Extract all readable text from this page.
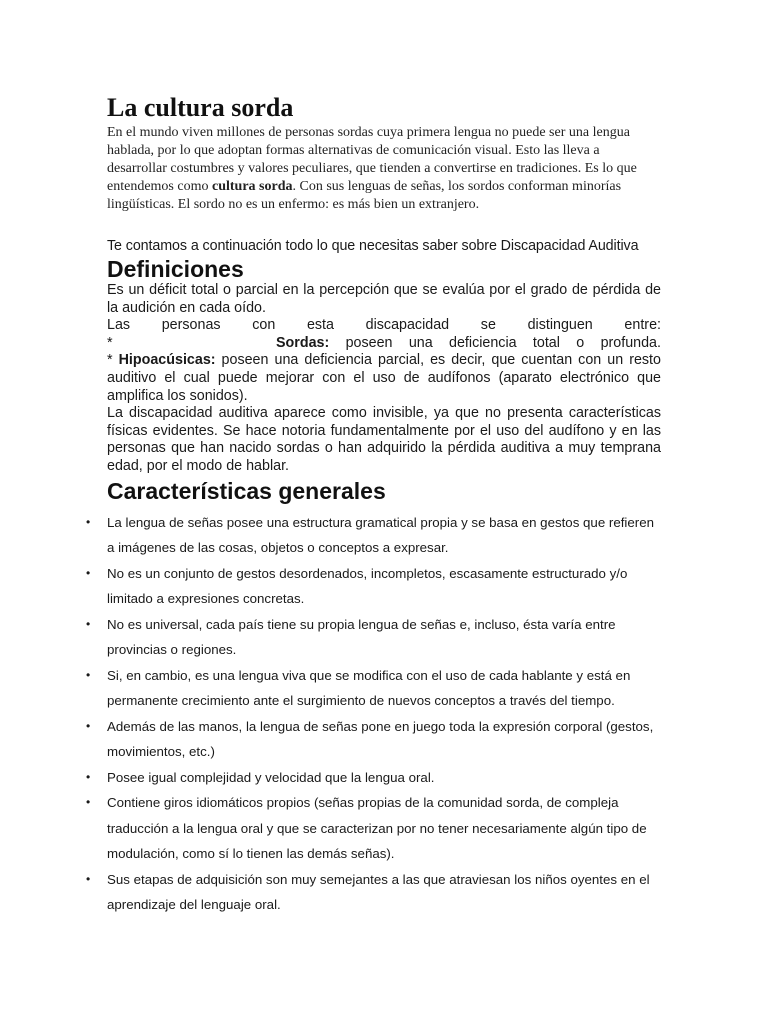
La cultura sorda

En el mundo viven millones de personas sordas cuya primera lengua no puede ser una lengua hablada, por lo que adoptan formas alternativas de comunicación visual. Esto las lleva a desarrollar costumbres y valores peculiares, que tienden a convertirse en tradiciones. Es lo que entendemos como cultura sorda. Con sus lenguas de señas, los sordos conforman minorías lingüísticas. El sordo no es un enfermo: es más bien un extranjero.

Te contamos a continuación todo lo que necesitas saber sobre Discapacidad Auditiva

Definiciones

Es un déficit total o parcial en la percepción que se evalúa por el grado de pérdida de la audición en cada oído.

Las personas con esta discapacidad se distinguen entre:

*	Sordas: poseen una deficiencia total o profunda.

* Hipoacúsicas: poseen una deficiencia parcial, es decir, que cuentan con un resto auditivo el cual puede mejorar con el uso de audífonos (aparato electrónico que amplifica los sonidos).

La discapacidad auditiva aparece como invisible, ya que no presenta características físicas evidentes. Se hace notoria fundamentalmente por el uso del audífono y en las personas que han nacido sordas o han adquirido la pérdida auditiva a muy temprana edad, por el modo de hablar.

Características generales
• La lengua de señas posee una estructura gramatical propia y se basa en gestos que refieren a imágenes de las cosas, objetos o conceptos a expresar.
• No es un conjunto de gestos desordenados, incompletos, escasamente estructurado y/o limitado a expresiones concretas.
• No es universal, cada país tiene su propia lengua de señas e, incluso, ésta varía entre provincias o regiones.
• Si, en cambio, es una lengua viva que se modifica con el uso de cada hablante y está en permanente crecimiento ante el surgimiento de nuevos conceptos a través del tiempo.
• Además de las manos, la lengua de señas pone en juego toda la expresión corporal (gestos, movimientos, etc.)
• Posee igual complejidad y velocidad que la lengua oral.
• Contiene giros idiomáticos propios (señas propias de la comunidad sorda, de compleja traducción a la lengua oral y que se caracterizan por no tener necesariamente algún tipo de modulación, como sí lo tienen las demás señas).
• Sus etapas de adquisición son muy semejantes a las que atraviesan los niños oyentes en el aprendizaje del lenguaje oral.
